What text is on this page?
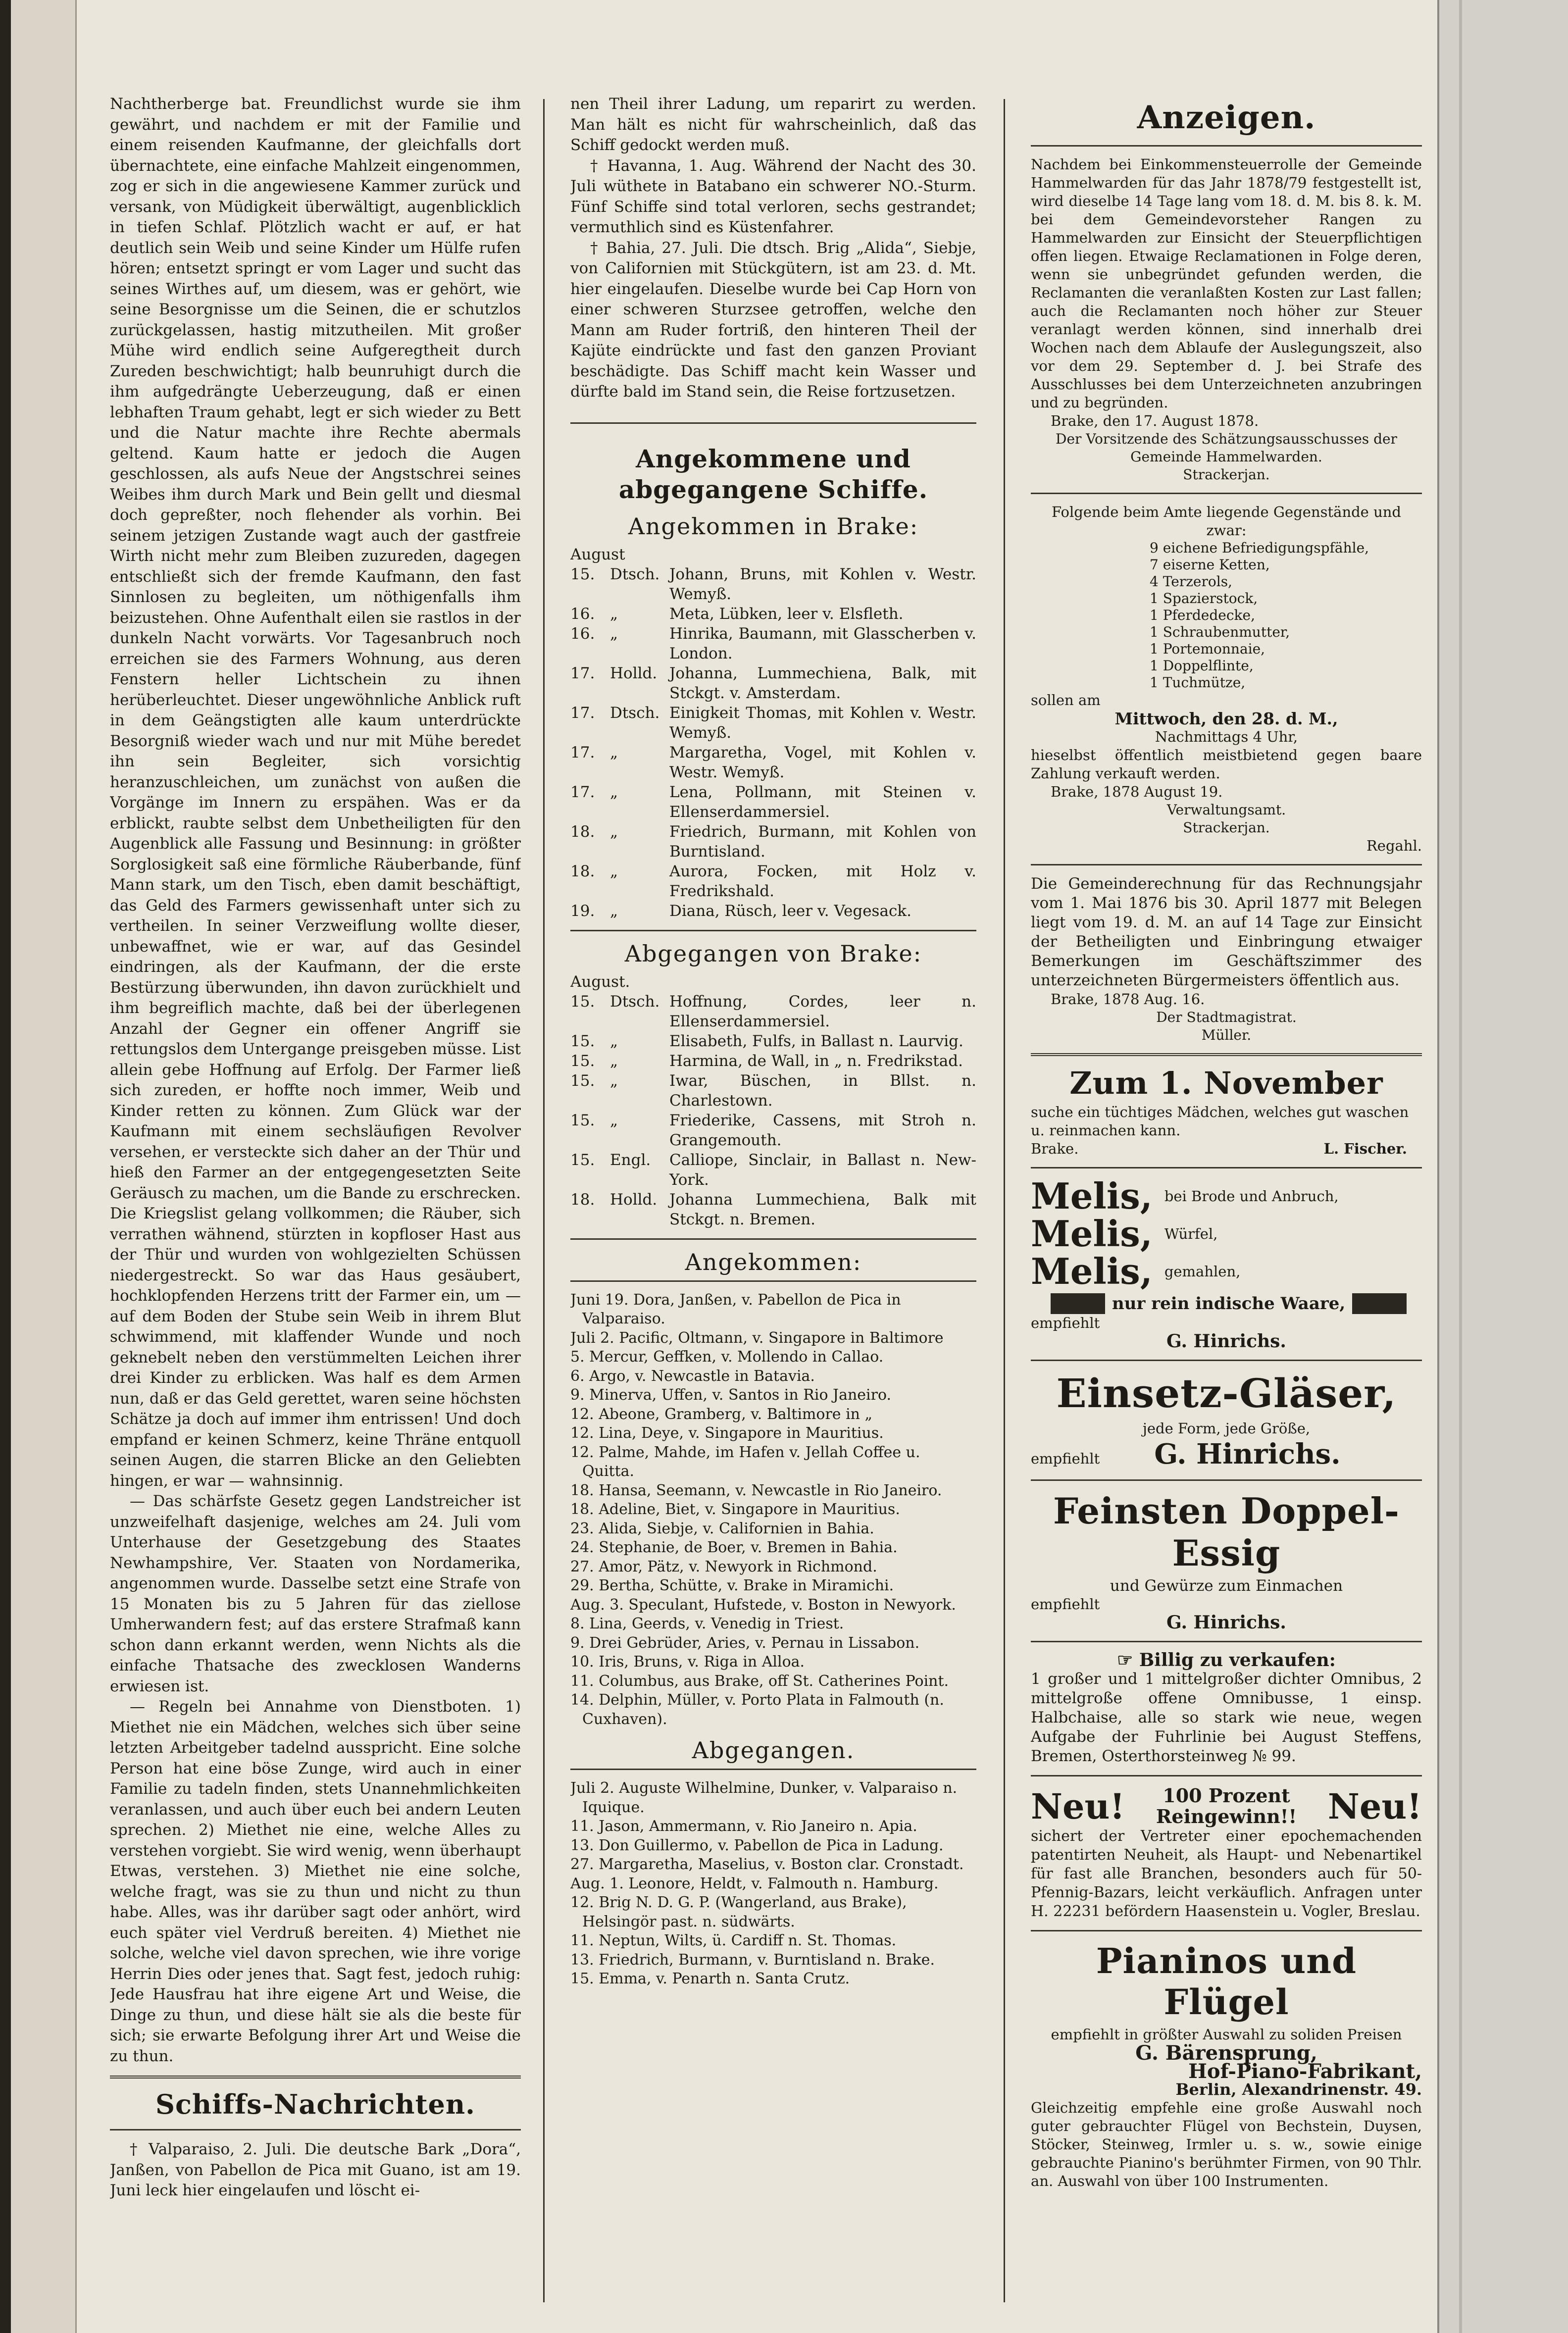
Nachtherberge bat. Freundlichst wurde sie ihm gewährt, und nachdem er mit der Familie und einem reisenden Kaufmanne, der gleichfalls dort übernachtete, eine einfache Mahlzeit eingenommen, zog er sich in die angewiesene Kammer zurück und versank, von Müdigkeit überwältigt, augenblicklich in tiefen Schlaf. Plötzlich wacht er auf, er hat deutlich sein Weib und seine Kinder um Hülfe rufen hören; entsetzt springt er vom Lager und sucht das seines Wirthes auf, um diesem, was er gehört, wie seine Besorgnisse um die Seinen, die er schutzlos zurückgelassen, hastig mitzutheilen. Mit großer Mühe wird endlich seine Aufgeregtheit durch Zureden beschwichtigt; halb beunruhigt durch die ihm aufgedrängte Ueberzeugung, daß er einen lebhaften Traum gehabt, legt er sich wieder zu Bett und die Natur machte ihre Rechte abermals geltend. Kaum hatte er jedoch die Augen geschlossen, als aufs Neue der Angstschrei seines Weibes ihm durch Mark und Bein gellt und diesmal doch gepreßter, noch flehender als vorhin. Bei seinem jetzigen Zustande wagt auch der gastfreie Wirth nicht mehr zum Bleiben zuzureden, dagegen entschließt sich der fremde Kaufmann, den fast Sinnlosen zu begleiten, um nöthigenfalls ihm beizustehen. Ohne Aufenthalt eilen sie rastlos in der dunkeln Nacht vorwärts. Vor Tagesanbruch noch erreichen sie des Farmers Wohnung, aus deren Fenstern heller Lichtschein zu ihnen herüberleuchtet. Dieser ungewöhnliche Anblick ruft in dem Geängstigten alle kaum unterdrückte Besorgniß wieder wach und nur mit Mühe beredet ihn sein Begleiter, sich vorsichtig heranzuschleichen, um zunächst von außen die Vorgänge im Innern zu erspähen. Was er da erblickt, raubte selbst dem Unbetheiligten für den Augenblick alle Fassung und Besinnung: in größter Sorglosigkeit saß eine förmliche Räuberbande, fünf Mann stark, um den Tisch, eben damit beschäftigt, das Geld des Farmers gewissenhaft unter sich zu vertheilen. In seiner Verzweiflung wollte dieser, unbewaffnet, wie er war, auf das Gesindel eindringen, als der Kaufmann, der die erste Bestürzung überwunden, ihn davon zurückhielt und ihm begreiflich machte, daß bei der überlegenen Anzahl der Gegner ein offener Angriff sie rettungslos dem Untergange preisgeben müsse. List allein gebe Hoffnung auf Erfolg. Der Farmer ließ sich zureden, er hoffte noch immer, Weib und Kinder retten zu können. Zum Glück war der Kaufmann mit einem sechsläufigen Revolver versehen, er versteckte sich daher an der Thür und hieß den Farmer an der entgegengesetzten Seite Geräusch zu machen, um die Bande zu erschrecken. Die Kriegslist gelang vollkommen; die Räuber, sich verrathen wähnend, stürzten in kopfloser Hast aus der Thür und wurden von wohlgezielten Schüssen niedergestreckt. So war das Haus gesäubert, hochklopfenden Herzens tritt der Farmer ein, um — auf dem Boden der Stube sein Weib in ihrem Blut schwimmend, mit klaffender Wunde und noch geknebelt neben den verstümmelten Leichen ihrer drei Kinder zu erblicken. Was half es dem Armen nun, daß er das Geld gerettet, waren seine höchsten Schätze ja doch auf immer ihm entrissen! Und doch empfand er keinen Schmerz, keine Thräne entquoll seinen Augen, die starren Blicke an den Geliebten hingen, er war — wahnsinnig.

— Das schärfste Gesetz gegen Landstreicher ist unzweifelhaft dasjenige, welches am 24. Juli vom Unterhause der Gesetzgebung des Staates Newhampshire, Ver. Staaten von Nordamerika, angenommen wurde. Dasselbe setzt eine Strafe von 15 Monaten bis zu 5 Jahren für das ziellose Umherwandern fest; auf das erstere Strafmaß kann schon dann erkannt werden, wenn Nichts als die einfache Thatsache des zwecklosen Wanderns erwiesen ist.

— Regeln bei Annahme von Dienstboten. 1) Miethet nie ein Mädchen, welches sich über seine letzten Arbeitgeber tadelnd ausspricht. Eine solche Person hat eine böse Zunge, wird auch in einer Familie zu tadeln finden, stets Unannehmlichkeiten veranlassen, und auch über euch bei andern Leuten sprechen. 2) Miethet nie eine, welche Alles zu verstehen vorgiebt. Sie wird wenig, wenn überhaupt Etwas, verstehen. 3) Miethet nie eine solche, welche fragt, was sie zu thun und nicht zu thun habe. Alles, was ihr darüber sagt oder anhört, wird euch später viel Verdruß bereiten. 4) Miethet nie solche, welche viel davon sprechen, wie ihre vorige Herrin Dies oder jenes that. Sagt fest, jedoch ruhig: Jede Hausfrau hat ihre eigene Art und Weise, die Dinge zu thun, und diese hält sie als die beste für sich; sie erwarte Befolgung ihrer Art und Weise die zu thun.

Schiffs-Nachrichten.

† Valparaiso, 2. Juli. Die deutsche Bark „Dora“, Janßen, von Pabellon de Pica mit Guano, ist am 19. Juni leck hier eingelaufen und löscht ei-

nen Theil ihrer Ladung, um reparirt zu werden. Man hält es nicht für wahrscheinlich, daß das Schiff gedockt werden muß.

† Havanna, 1. Aug. Während der Nacht des 30. Juli wüthete in Batabano ein schwerer NO.-Sturm. Fünf Schiffe sind total verloren, sechs gestrandet; vermuthlich sind es Küstenfahrer.

† Bahia, 27. Juli. Die dtsch. Brig „Alida“, Siebje, von Californien mit Stückgütern, ist am 23. d. Mt. hier eingelaufen. Dieselbe wurde bei Cap Horn von einer schweren Sturzsee getroffen, welche den Mann am Ruder fortriß, den hinteren Theil der Kajüte eindrückte und fast den ganzen Proviant beschädigte. Das Schiff macht kein Wasser und dürfte bald im Stand sein, die Reise fortzusetzen.

Angekommene und abgegangene Schiffe.
Angekommen in Brake:
August
15. Dtsch. Johann, Bruns, mit Kohlen v. Westr. Wemyß.
16. „	Meta, Lübken, leer v. Elsfleth.
16. „	Hinrika, Baumann, mit Glasscherben v. London.
17. Holld. Johanna, Lummechiena, Balk, mit Stckgt. v. Amsterdam.
17. Dtsch. Einigkeit Thomas, mit Kohlen v. Westr. Wemyß.
17. „	Margaretha, Vogel, mit Kohlen v. Westr. Wemyß.
17. „	Lena, Pollmann, mit Steinen v. Ellenserdammersiel.
18. „	Friedrich, Burmann, mit Kohlen von Burntisland.
18. „	Aurora, Focken, mit Holz v. Fredrikshald.
19. „	Diana, Rüsch, leer v. Vegesack.
Abgegangen von Brake:
August.
15. Dtsch. Hoffnung, Cordes, leer n. Ellenserdammersiel.
15. „	Elisabeth, Fulfs, in Ballast n. Laurvig.
15. „	Harmina, de Wall, in „ n. Fredrikstad.
15. „	Iwar, Büschen, in Bllst. n. Charlestown.
15. „	Friederike, Cassens, mit Stroh n. Grangemouth.
15. Engl.	Calliope, Sinclair, in Ballast n. New-York.
18. Holld. Johanna Lummechiena, Balk mit Stckgt. n. Bremen.
Angekommen:

Juni 19. Dora, Janßen, v. Pabellon de Pica in Valparaiso.

Juli 2. Pacific, Oltmann, v. Singapore in Baltimore

5. Mercur, Geffken, v. Mollendo in Callao.

6. Argo, v. Newcastle in Batavia.

9. Minerva, Uffen, v. Santos in Rio Janeiro.

12. Abeone, Gramberg, v. Baltimore in „

12. Lina, Deye, v. Singapore in Mauritius.

12. Palme, Mahde, im Hafen v. Jellah Coffee u. Quitta.

18. Hansa, Seemann, v. Newcastle in Rio Janeiro.

18. Adeline, Biet, v. Singapore in Mauritius.

23. Alida, Siebje, v. Californien in Bahia.

24. Stephanie, de Boer, v. Bremen in Bahia.

27. Amor, Pätz, v. Newyork in Richmond.

29. Bertha, Schütte, v. Brake in Miramichi.

Aug. 3. Speculant, Hufstede, v. Boston in Newyork.

8. Lina, Geerds, v. Venedig in Triest.

9. Drei Gebrüder, Aries, v. Pernau in Lissabon.

10. Iris, Bruns, v. Riga in Alloa.

11. Columbus, aus Brake, off St. Catherines Point.

14. Delphin, Müller, v. Porto Plata in Falmouth (n. Cuxhaven).

Abgegangen.

Juli 2. Auguste Wilhelmine, Dunker, v. Valparaiso n. Iquique.

11. Jason, Ammermann, v. Rio Janeiro n. Apia.

13. Don Guillermo, v. Pabellon de Pica in Ladung.

27. Margaretha, Maselius, v. Boston clar. Cronstadt.

Aug. 1. Leonore, Heldt, v. Falmouth n. Hamburg.

12. Brig N. D. G. P. (Wangerland, aus Brake), Helsingör past. n. südwärts.

11. Neptun, Wilts, ü. Cardiff n. St. Thomas.

13. Friedrich, Burmann, v. Burntisland n. Brake.

15. Emma, v. Penarth n. Santa Crutz.

Anzeigen.

Nachdem bei Einkommensteuerrolle der Gemeinde Hammelwarden für das Jahr 1878/79 festgestellt ist, wird dieselbe 14 Tage lang vom 18. d. M. bis 8. k. M. bei dem Gemeindevorsteher Rangen zu Hammelwarden zur Einsicht der Steuerpflichtigen offen liegen. Etwaige Reclamationen in Folge deren, wenn sie unbegründet gefunden werden, die Reclamanten die veranlaßten Kosten zur Last fallen; auch die Reclamanten noch höher zur Steuer veranlagt werden können, sind innerhalb drei Wochen nach dem Ablaufe der Auslegungszeit, also vor dem 29. September d. J. bei Strafe des Ausschlusses bei dem Unterzeichneten anzubringen und zu begründen.

Brake, den 17. August 1878.

Der Vorsitzende des Schätzungsausschusses der Gemeinde Hammelwarden.

Strackerjan.

Folgende beim Amte liegende Gegenstände und zwar:

9 eichene Befriedigungspfähle,

7 eiserne Ketten,

4 Terzerols,

1 Spazierstock,

1 Pferdedecke,

1 Schraubenmutter,

1 Portemonnaie,

1 Doppelflinte,

1 Tuchmütze,

sollen am

Mittwoch, den 28. d. M.,

Nachmittags 4 Uhr,

hieselbst öffentlich meistbietend gegen baare Zahlung verkauft werden.

Brake, 1878 August 19.

Verwaltungsamt.

Strackerjan.

Regahl.

Die Gemeinderechnung für das Rechnungsjahr vom 1. Mai 1876 bis 30. April 1877 mit Belegen liegt vom 19. d. M. an auf 14 Tage zur Einsicht der Betheiligten und Einbringung etwaiger Bemerkungen im Geschäftszimmer des unterzeichneten Bürgermeisters öffentlich aus.

Brake, 1878 Aug. 16.

Der Stadtmagistrat.

Müller.

Zum 1. November

suche ein tüchtiges Mädchen, welches gut waschen u. reinmachen kann.

Brake.	L. Fischer.
Melis, bei Brode und Anbruch,
Melis, Würfel,
Melis, gemahlen,
nur rein indische Waare,

empfiehlt

G. Hinrichs.

Einsetz-Gläser,

jede Form, jede Größe,

empfiehlt	G. Hinrichs.
Feinsten Doppel-Essig

und Gewürze zum Einmachen

empfiehlt

G. Hinrichs.

☞ Billig zu verkaufen:

1 großer und 1 mittelgroßer dichter Omnibus, 2 mittelgroße offene Omnibusse, 1 einsp. Halbchaise, alle so stark wie neue, wegen Aufgabe der Fuhrlinie bei August Steffens, Bremen, Osterthorsteinweg № 99.

Neu!	100 Prozent Reingewinn!! Neu!

sichert der Vertreter einer epochemachenden patentirten Neuheit, als Haupt- und Nebenartikel für fast alle Branchen, besonders auch für 50-Pfennig-Bazars, leicht verkäuflich. Anfragen unter H. 22231 befördern Haasenstein u. Vogler, Breslau.

Pianinos und Flügel

empfiehlt in größter Auswahl zu soliden Preisen

G. Bärensprung,

Hof-Piano-Fabrikant,

Berlin, Alexandrinenstr. 49.

Gleichzeitig empfehle eine große Auswahl noch guter gebrauchter Flügel von Bechstein, Duysen, Stöcker, Steinweg, Irmler u. s. w., sowie einige gebrauchte Pianino's berühmter Firmen, von 90 Thlr. an. Auswahl von über 100 Instrumenten.
